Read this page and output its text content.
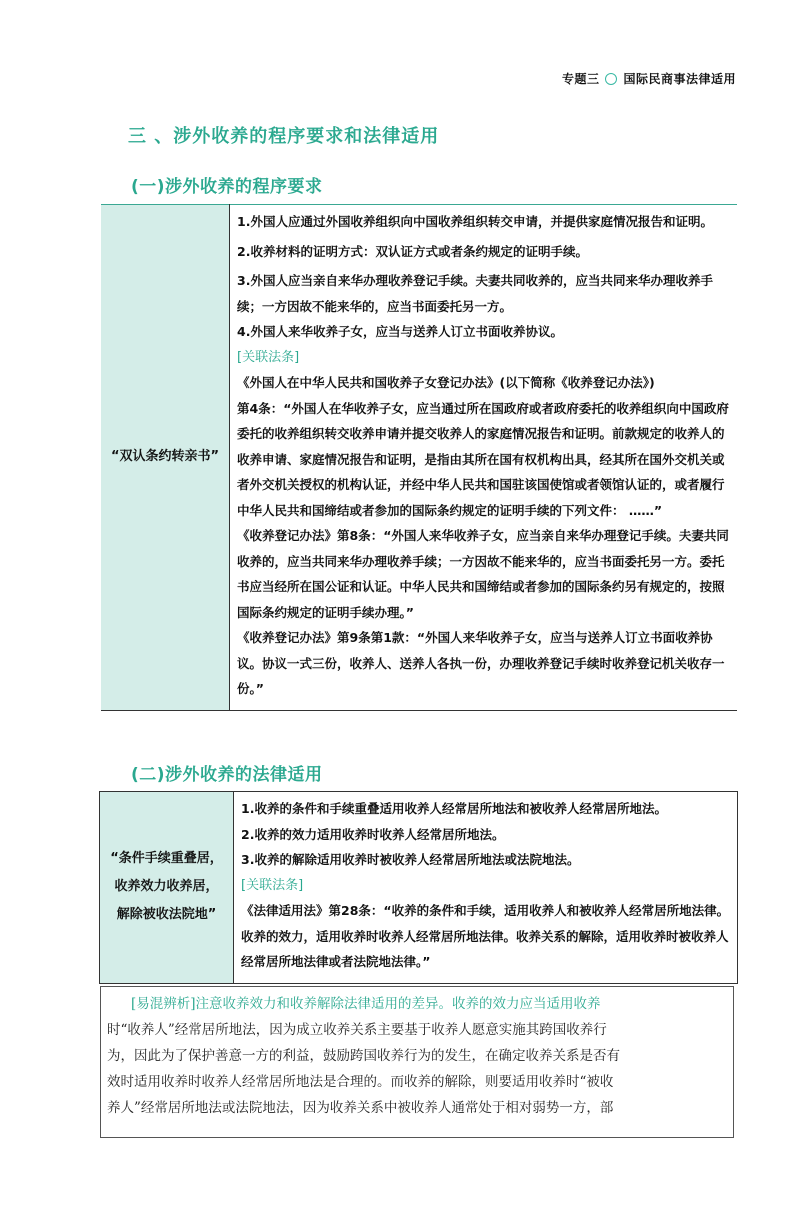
专题三 国际民商事法律适用
三 、涉外收养的程序要求和法律适用
(一)涉外收养的程序要求
“双认条约转亲书”	

1.外国人应通过外国收养组织向中国收养组织转交申请，并提供家庭情况报告和证明。

2.收养材料的证明方式：双认证方式或者条约规定的证明手续。

3.外国人应当亲自来华办理收养登记手续。夫妻共同收养的，应当共同来华办理收养手续；一方因故不能来华的，应当书面委托另一方。

4.外国人来华收养子女，应当与送养人订立书面收养协议。

[关联法条]

《外国人在中华人民共和国收养子女登记办法》(以下简称《收养登记办法》)

第4条：“外国人在华收养子女，应当通过所在国政府或者政府委托的收养组织向中国政府委托的收养组织转交收养申请并提交收养人的家庭情况报告和证明。前款规定的收养人的收养申请、家庭情况报告和证明，是指由其所在国有权机构出具，经其所在国外交机关或者外交机关授权的机构认证，并经中华人民共和国驻该国使馆或者领馆认证的，或者履行中华人民共和国缔结或者参加的国际条约规定的证明手续的下列文件： ……”

《收养登记办法》第8条：“外国人来华收养子女，应当亲自来华办理登记手续。夫妻共同收养的，应当共同来华办理收养手续；一方因故不能来华的，应当书面委托另一方。委托书应当经所在国公证和认证。中华人民共和国缔结或者参加的国际条约另有规定的，按照国际条约规定的证明手续办理。”

《收养登记办法》第9条第1款：“外国人来华收养子女，应当与送养人订立书面收养协议。协议一式三份，收养人、送养人各执一份，办理收养登记手续时收养登记机关收存一份。”

(二)涉外收养的法律适用
“条件手续重叠居，
收养效力收养居，
解除被收法院地”

1.收养的条件和手续重叠适用收养人经常居所地法和被收养人经常居所地法。

2.收养的效力适用收养时收养人经常居所地法。

3.收养的解除适用收养时被收养人经常居所地法或法院地法。

[关联法条]

《法律适用法》第28条：“收养的条件和手续，适用收养人和被收养人经常居所地法律。收养的效力，适用收养时收养人经常居所地法律。收养关系的解除，适用收养时被收养人经常居所地法律或者法院地法律。”

[易混辨析]注意收养效力和收养解除法律适用的差异。收养的效力应当适用收养
时“收养人”经常居所地法，因为成立收养关系主要基于收养人愿意实施其跨国收养行
为，因此为了保护善意一方的利益，鼓励跨国收养行为的发生，在确定收养关系是否有
效时适用收养时收养人经常居所地法是合理的。而收养的解除，则要适用收养时“被收
养人”经常居所地法或法院地法，因为收养关系中被收养人通常处于相对弱势一方，部
